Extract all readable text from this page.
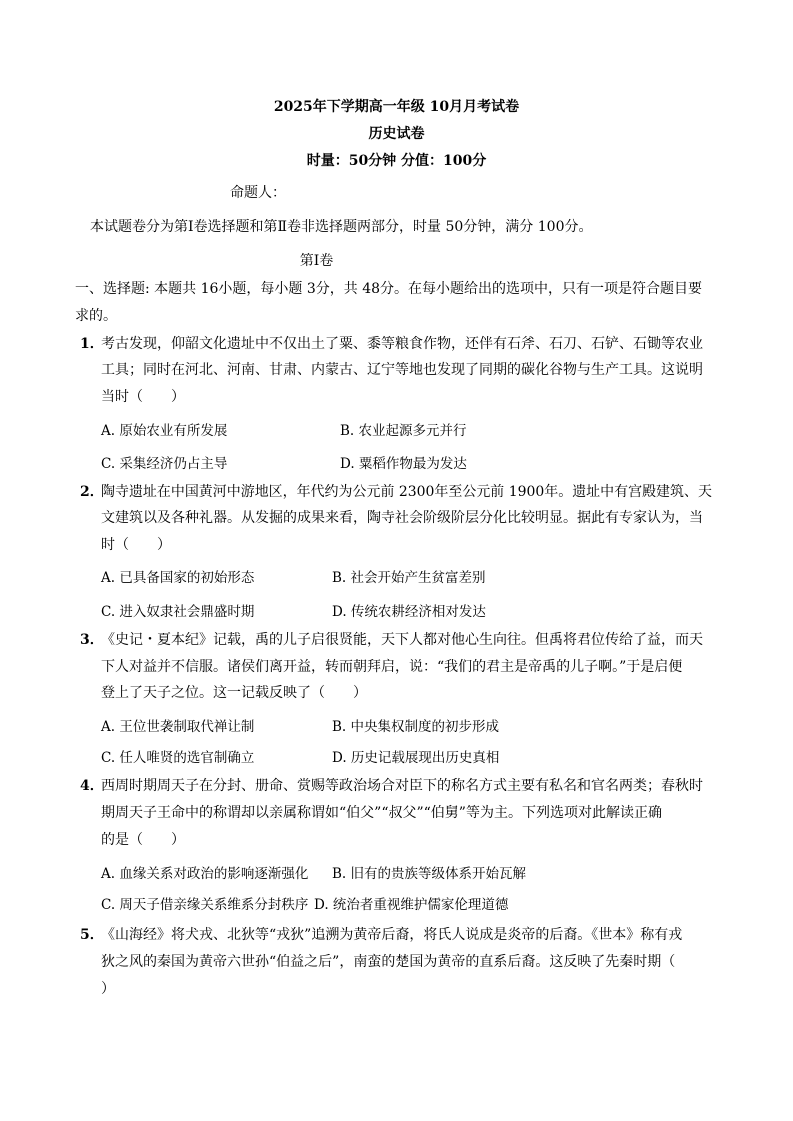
2025年下学期高一年级 10月月考试卷
历史试卷
时量：50分钟 分值：100分
命题人：
本试题卷分为第Ⅰ卷选择题和第Ⅱ卷非选择题两部分，时量 50分钟，满分 100分。
第Ⅰ卷
一、选择题: 本题共 16小题，每小题 3分，共 48分。在每小题给出的选项中，只有一项是符合题目要
求的。
1．
考古发现，仰韶文化遗址中不仅出土了粟、黍等粮食作物，还伴有石斧、石刀、石铲、石锄等农业
工具；同时在河北、河南、甘肃、内蒙古、辽宁等地也发现了同期的碳化谷物与生产工具。这说明
当时（　　）
A. 原始农业有所发展	B. 农业起源多元并行
C. 采集经济仍占主导	D. 粟稻作物最为发达
2．
陶寺遗址在中国黄河中游地区，年代约为公元前 2300年至公元前 1900年。遗址中有宫殿建筑、天
文建筑以及各种礼器。从发掘的成果来看，陶寺社会阶级阶层分化比较明显。据此有专家认为，当
时（　　）
A. 已具备国家的初始形态	B. 社会开始产生贫富差别
C. 进入奴隶社会鼎盛时期	D. 传统农耕经济相对发达
3．
《史记・夏本纪》记载，禹的儿子启很贤能，天下人都对他心生向往。但禹将君位传给了益，而天
下人对益并不信服。诸侯们离开益，转而朝拜启，说：“我们的君主是帝禹的儿子啊。”于是启便
登上了天子之位。这一记载反映了（　　）
A. 王位世袭制取代禅让制	B. 中央集权制度的初步形成
C. 任人唯贤的选官制确立	D. 历史记载展现出历史真相
4．
西周时期周天子在分封、册命、赏赐等政治场合对臣下的称名方式主要有私名和官名两类；春秋时
期周天子王命中的称谓却以亲属称谓如“伯父”“叔父”“伯舅”等为主。下列选项对此解读正确
的是（　　）
A. 血缘关系对政治的影响逐渐强化 B. 旧有的贵族等级体系开始瓦解
C. 周天子借亲缘关系维系分封秩序 D. 统治者重视维护儒家伦理道德
5．
《山海经》将犬戎、北狄等“戎狄”追溯为黄帝后裔，将氏人说成是炎帝的后裔。《世本》称有戎
狄之风的秦国为黄帝六世孙“伯益之后”，南蛮的楚国为黄帝的直系后裔。这反映了先秦时期（
）
